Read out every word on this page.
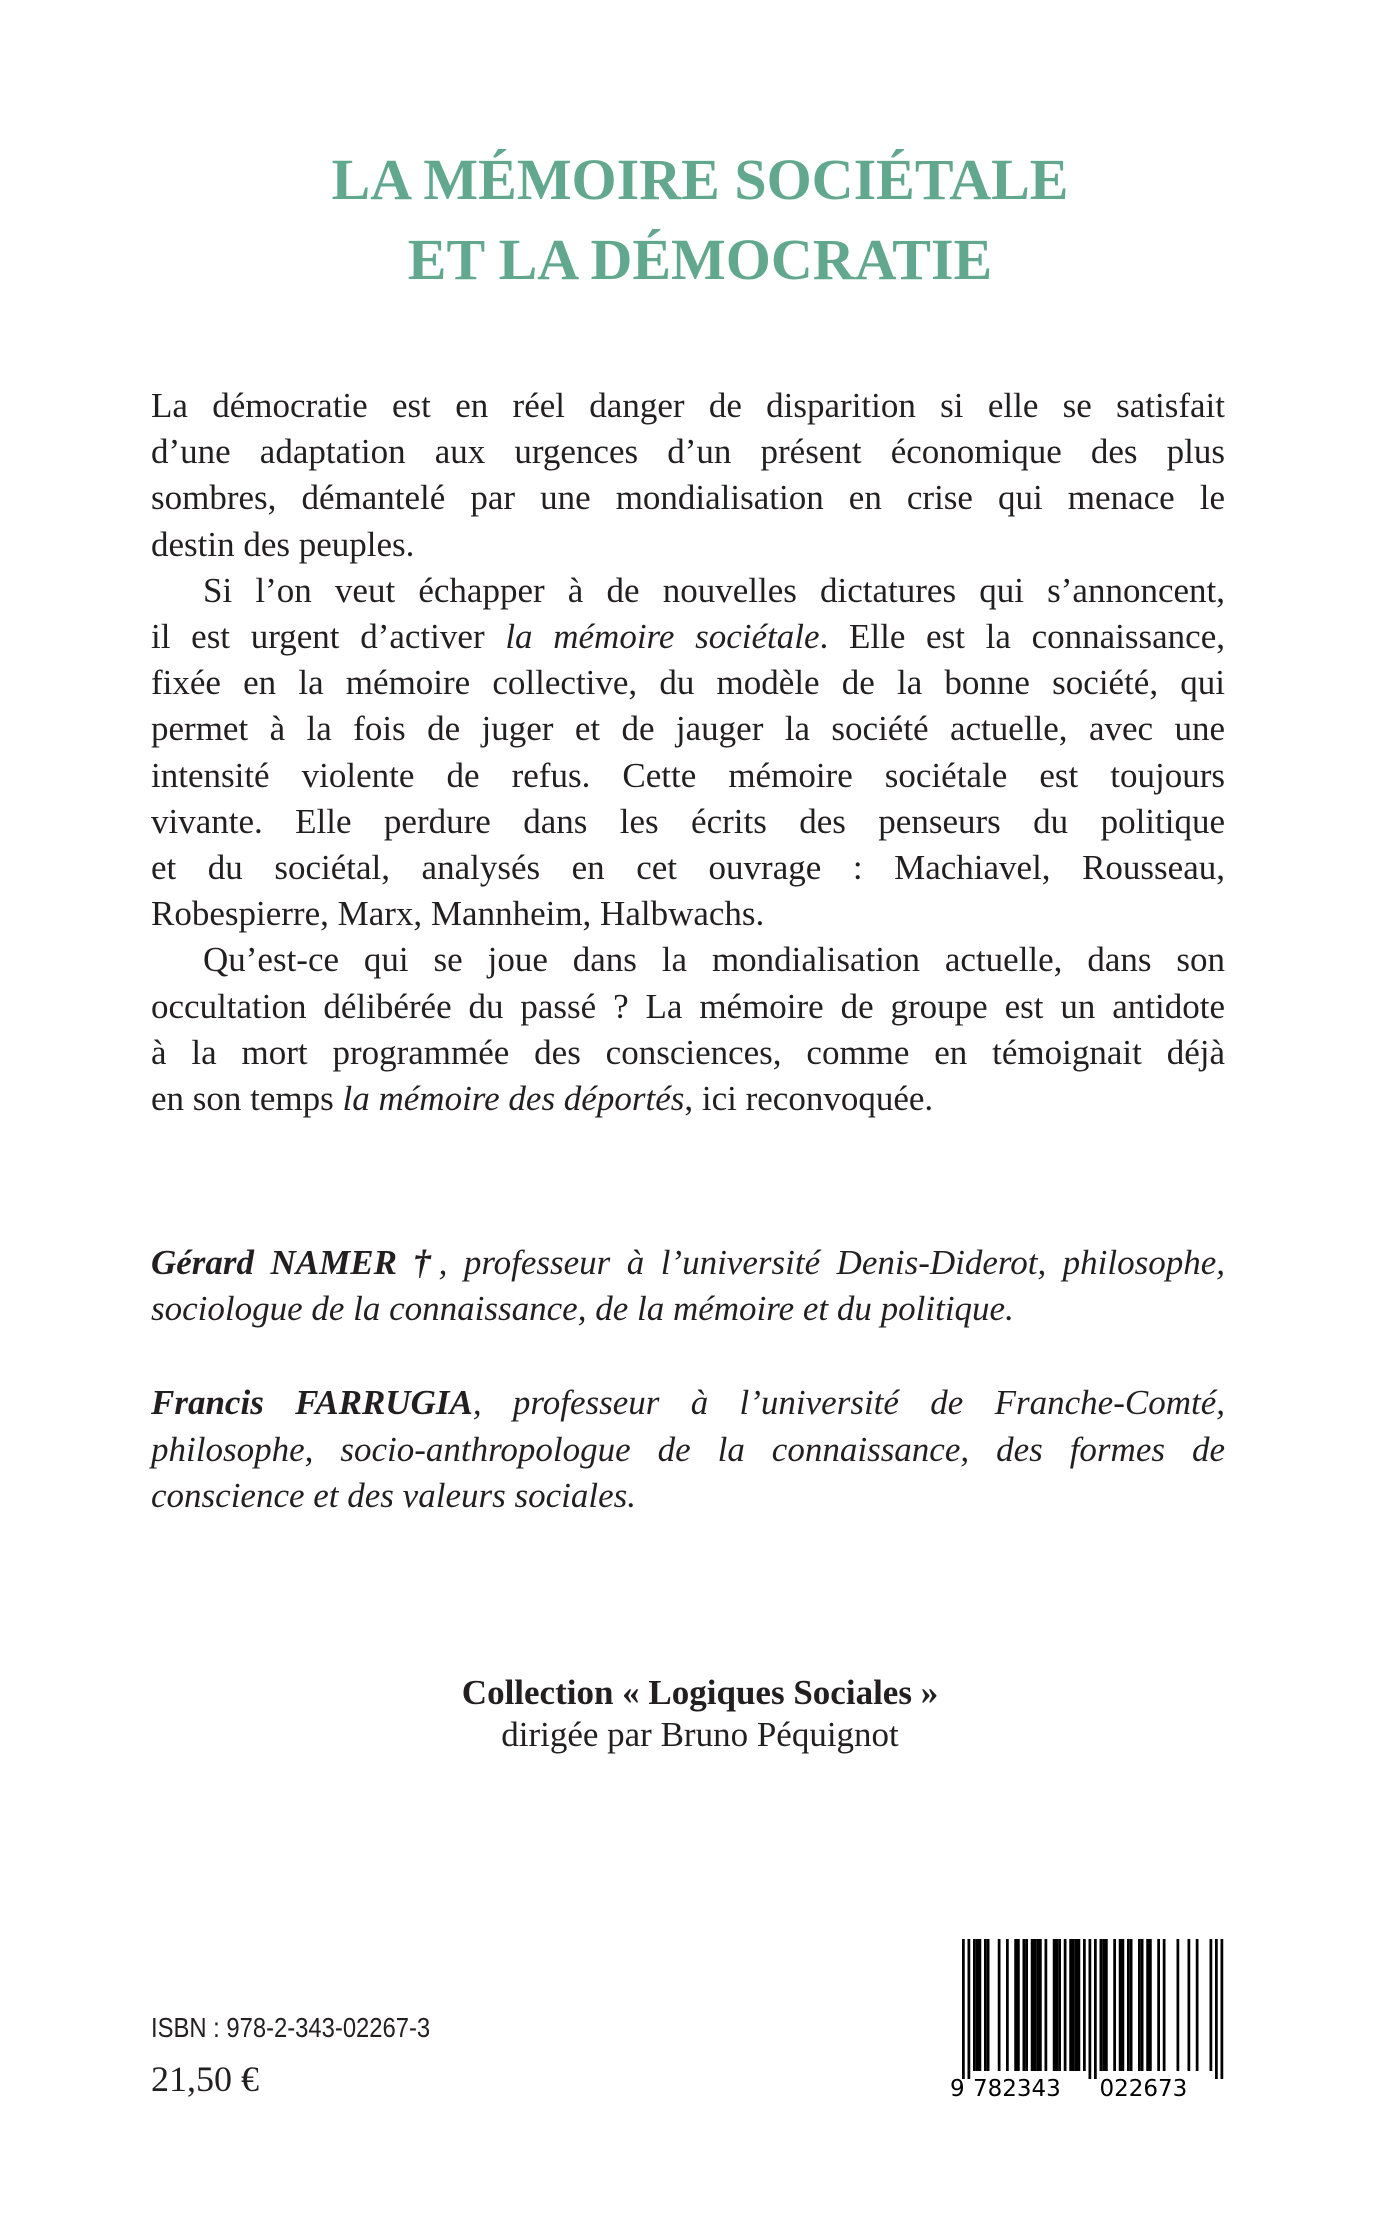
LA MÉMOIRE SOCIÉTALE
ET LA DÉMOCRATIE
La démocratie est en réel danger de disparition si elle se satisfait
d’une adaptation aux urgences d’un présent économique des plus
sombres, démantelé par une mondialisation en crise qui menace le
destin des peuples.
Si l’on veut échapper à de nouvelles dictatures qui s’annoncent,
il est urgent d’activer la mémoire sociétale. Elle est la connaissance,
fixée en la mémoire collective, du modèle de la bonne société, qui
permet à la fois de juger et de jauger la société actuelle, avec une
intensité violente de refus. Cette mémoire sociétale est toujours
vivante. Elle perdure dans les écrits des penseurs du politique
et du sociétal, analysés en cet ouvrage : Machiavel, Rousseau,
Robespierre, Marx, Mannheim, Halbwachs.
Qu’est-ce qui se joue dans la mondialisation actuelle, dans son
occultation délibérée du passé ? La mémoire de groupe est un antidote
à la mort programmée des consciences, comme en témoignait déjà
en son temps la mémoire des déportés, ici reconvoquée.
Gérard NAMER †, professeur à l’université Denis-Diderot, philosophe,
sociologue de la connaissance, de la mémoire et du politique.
Francis FARRUGIA, professeur à l’université de Franche-Comté,
philosophe, socio-anthropologue de la connaissance, des formes de
conscience et des valeurs sociales.
Collection « Logiques Sociales »
dirigée par Bruno Péquignot
ISBN : 978-2-343-02267-3
21,50 €	9 782343 022673
